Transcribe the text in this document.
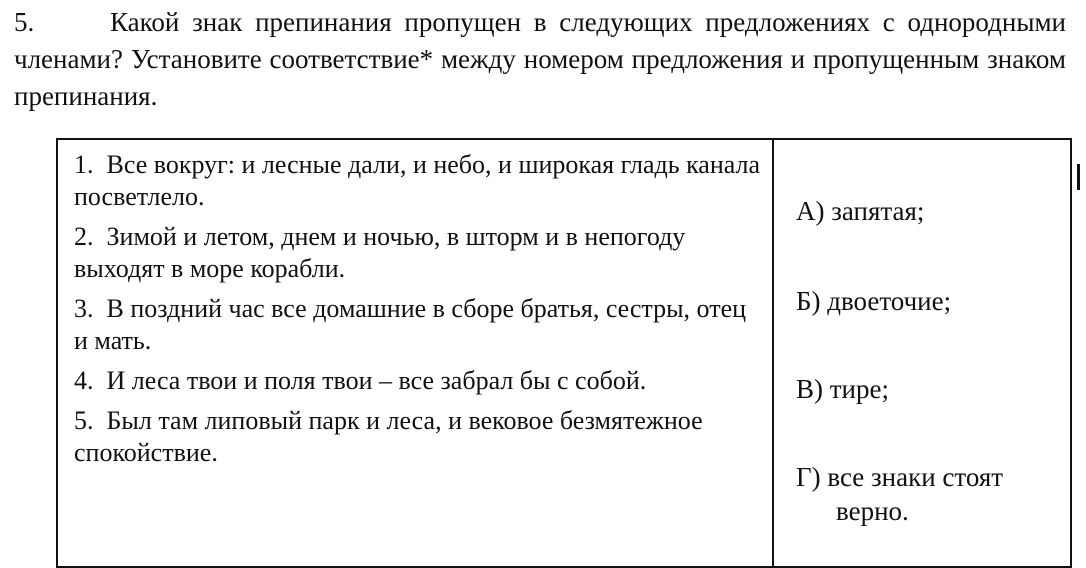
5.	Какой знак препинания пропущен в следующих предложениях с однородными членами? Установите соответствие* между номером предложения и пропущенным знаком препинания.

1. Все вокруг: и лесные дали, и небо, и широкая гладь канала посветлело.

2. Зимой и летом, днем и ночью, в шторм и в непогоду выходят в море корабли.

3. В поздний час все домашние в сборе братья, сестры, отец и мать.

4. И леса твои и поля твои – все забрал бы с собой.

5. Был там липовый парк и леса, и вековое безмятежное спокойствие.

А) запятая;
Б) двоеточие;
В) тире;
Г) все знаки стоят
верно.
